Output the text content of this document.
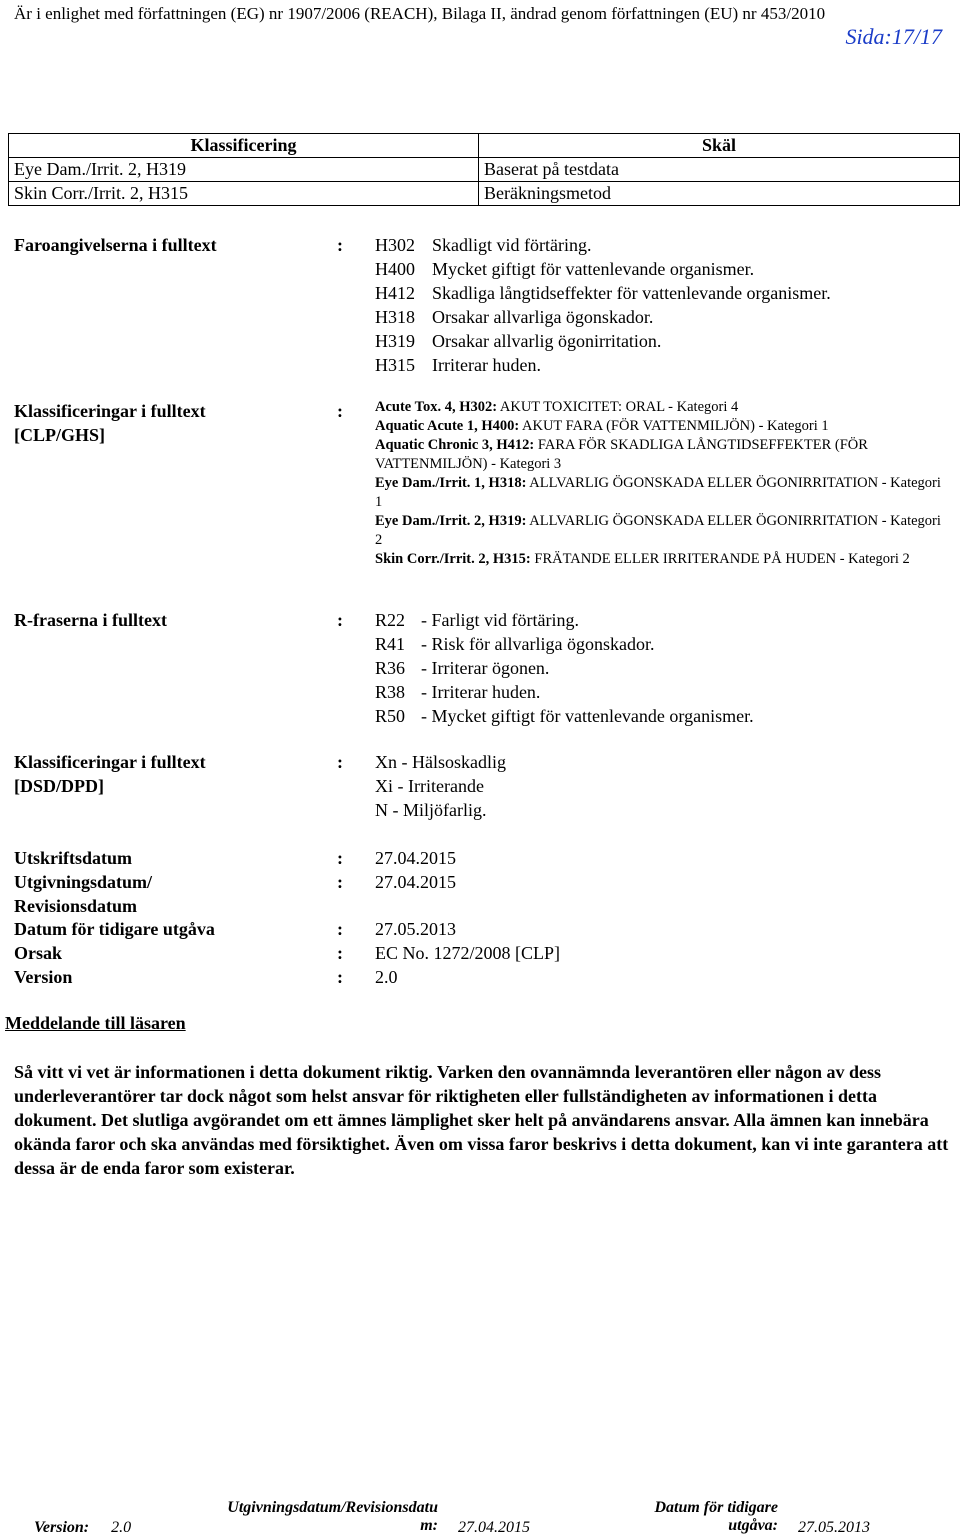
Är i enlighet med författningen (EG) nr 1907/2006 (REACH), Bilaga II, ändrad genom författningen (EU) nr 453/2010
Sida:17/17
Klassificering	Skäl
Eye Dam./Irrit. 2, H319	Baserat på testdata
Skin Corr./Irrit. 2, H315	Beräkningsmetod
Faroangivelserna i fulltext	: H302 Skadligt vid förtäring.
H400 Mycket giftigt för vattenlevande organismer.
H412 Skadliga långtidseffekter för vattenlevande organismer.
H318 Orsakar allvarliga ögonskador.
H319 Orsakar allvarlig ögonirritation.
H315 Irriterar huden.
Klassificeringar i fulltext
[CLP/GHS]
: Acute Tox. 4, H302: AKUT TOXICITET: ORAL - Kategori 4
Aquatic Acute 1, H400: AKUT FARA (FÖR VATTENMILJÖN) - Kategori 1
Aquatic Chronic 3, H412: FARA FÖR SKADLIGA LÅNGTIDSEFFEKTER (FÖR VATTENMILJÖN) - Kategori 3
Eye Dam./Irrit. 1, H318: ALLVARLIG ÖGONSKADA ELLER ÖGONIRRITATION - Kategori 1
Eye Dam./Irrit. 2, H319: ALLVARLIG ÖGONSKADA ELLER ÖGONIRRITATION - Kategori 2
Skin Corr./Irrit. 2, H315: FRÄTANDE ELLER IRRITERANDE PÅ HUDEN - Kategori 2
R-fraserna i fulltext	: R22 - Farligt vid förtäring.
R41 - Risk för allvarliga ögonskador.
R36 - Irriterar ögonen.
R38 - Irriterar huden.
R50 - Mycket giftigt för vattenlevande organismer.
Klassificeringar i fulltext
[DSD/DPD]
: Xn - Hälsoskadlig
Xi - Irriterande
N - Miljöfarlig.
Utskriftsdatum	: 27.04.2015
Utgivningsdatum/
Revisionsdatum
: 27.04.2015
Datum för tidigare utgåva	: 27.05.2013
Orsak	: EC No. 1272/2008 [CLP]
Version	: 2.0
Meddelande till läsaren
Så vitt vi vet är informationen i detta dokument riktig. Varken den ovannämnda leverantören eller någon av dess underleverantörer tar dock något som helst ansvar för riktigheten eller fullständigheten av informationen i detta dokument. Det slutliga avgörandet om ett ämnes lämplighet sker helt på användarens ansvar. Alla ämnen kan innebära okända faror och ska användas med försiktighet. Även om vissa faror beskrivs i detta dokument, kan vi inte garantera att dessa är de enda faror som existerar.
Version: 2.0
Utgivningsdatum/Revisionsdatu
m: 27.04.2015
Datum för tidigare
utgåva: 27.05.2013
